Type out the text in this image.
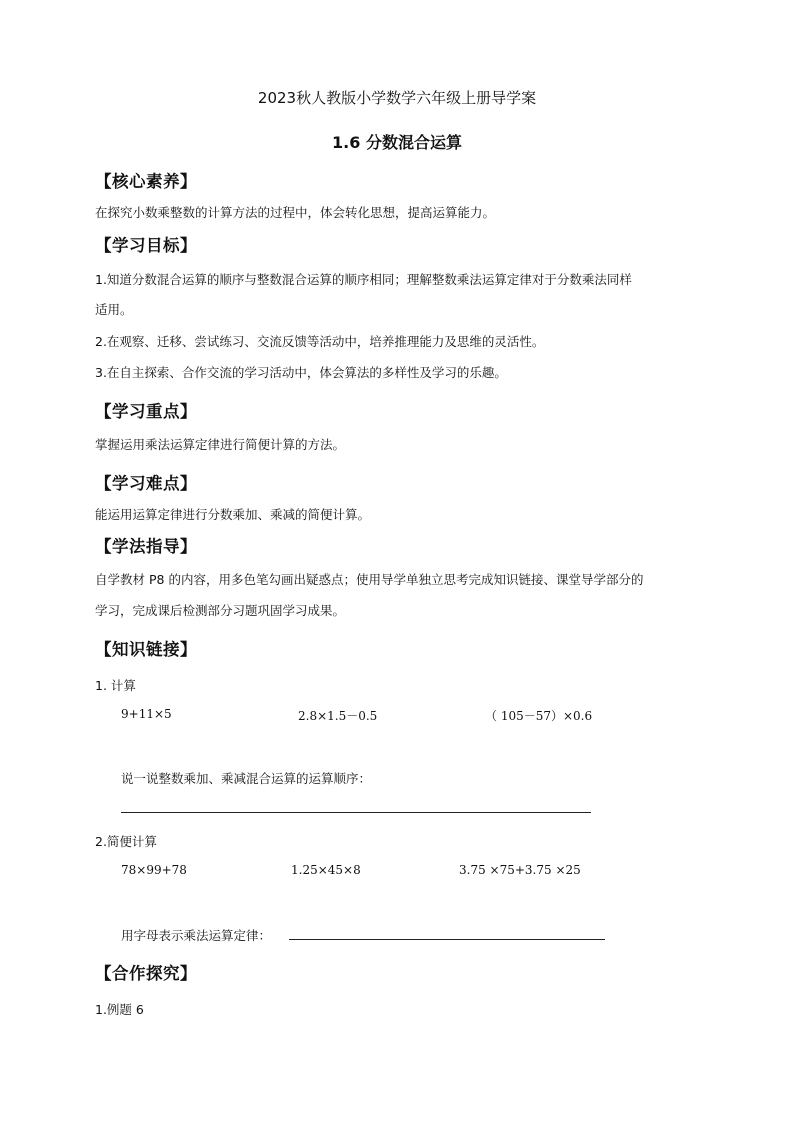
2023秋人教版小学数学六年级上册导学案
1.6 分数混合运算
【核心素养】
在探究小数乘整数的计算方法的过程中，体会转化思想，提高运算能力。
【学习目标】
1.知道分数混合运算的顺序与整数混合运算的顺序相同；理解整数乘法运算定律对于分数乘法同样
适用。
2.在观察、迁移、尝试练习、交流反馈等活动中，培养推理能力及思维的灵活性。
3.在自主探索、合作交流的学习活动中，体会算法的多样性及学习的乐趣。
【学习重点】
掌握运用乘法运算定律进行简便计算的方法。
【学习难点】
能运用运算定律进行分数乘加、乘减的简便计算。
【学法指导】
自学教材 P8 的内容，用多色笔勾画出疑惑点；使用导学单独立思考完成知识链接、课堂导学部分的
学习，完成课后检测部分习题巩固学习成果。
【知识链接】
1. 计算
9+11×5	2.8×1.5－0.5	（ 105－57）×0.6
说一说整数乘加、乘减混合运算的运算顺序：
2.简便计算
78×99+78	1.25×45×8	3.75 ×75+3.75 ×25
用字母表示乘法运算定律：
【合作探究】
1.例题 6
